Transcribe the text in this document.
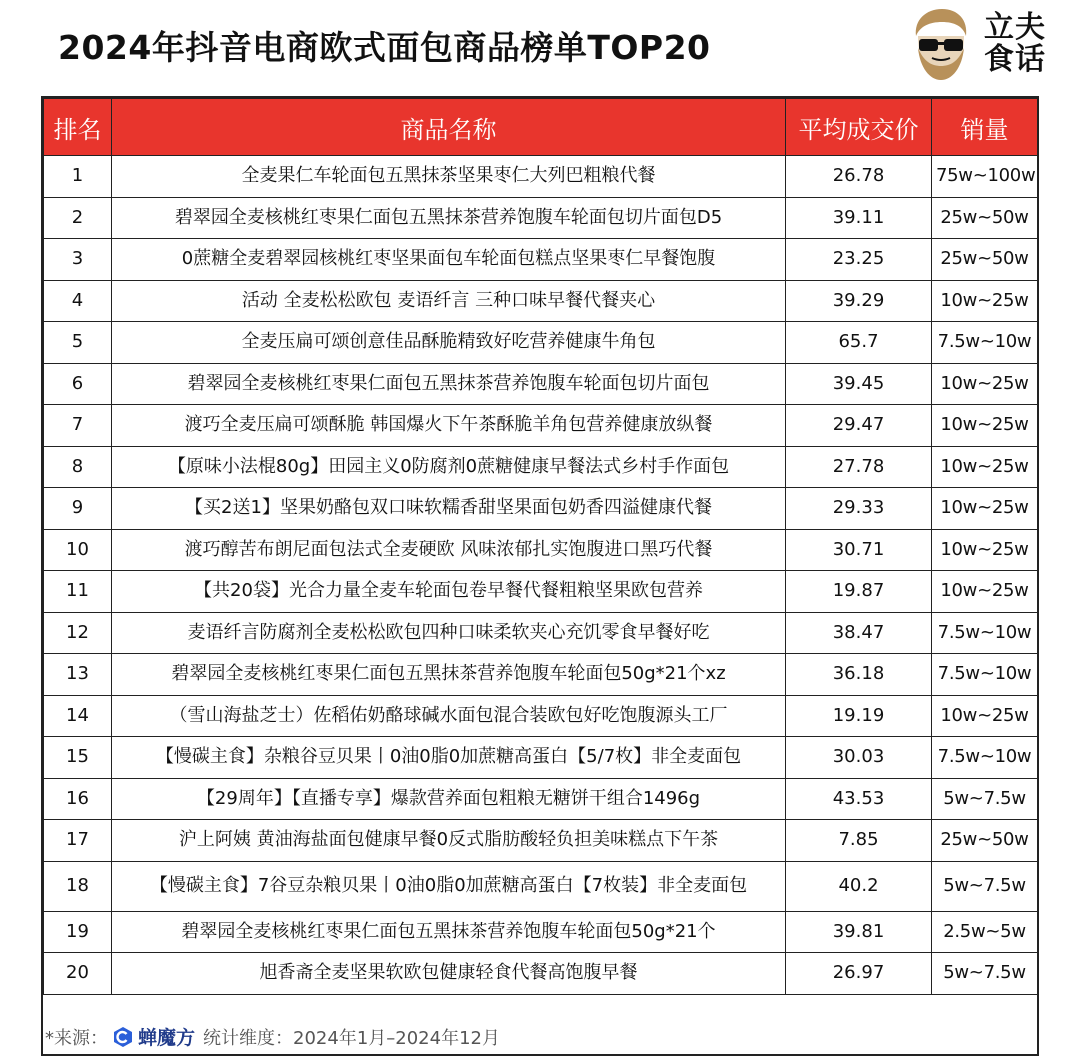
2024年抖音电商欧式面包商品榜单TOP20
立夫
食话
排名	商品名称	平均成交价	销量
1	全麦果仁车轮面包五黑抹茶坚果枣仁大列巴粗粮代餐	26.78	75w~100w
2	碧翠园全麦核桃红枣果仁面包五黑抹茶营养饱腹车轮面包切片面包D5	39.11	25w~50w
3	0蔗糖全麦碧翠园核桃红枣坚果面包车轮面包糕点坚果枣仁早餐饱腹	23.25	25w~50w
4	活动 全麦松松欧包 麦语纤言 三种口味早餐代餐夹心	39.29	10w~25w
5	全麦压扁可颂创意佳品酥脆精致好吃营养健康牛角包	65.7	7.5w~10w
6	碧翠园全麦核桃红枣果仁面包五黑抹茶营养饱腹车轮面包切片面包	39.45	10w~25w
7	渡巧全麦压扁可颂酥脆 韩国爆火下午茶酥脆羊角包营养健康放纵餐	29.47	10w~25w
8	【原味小法棍80g】田园主义0防腐剂0蔗糖健康早餐法式乡村手作面包	27.78	10w~25w
9	【买2送1】坚果奶酪包双口味软糯香甜坚果面包奶香四溢健康代餐	29.33	10w~25w
10	渡巧醇苦布朗尼面包法式全麦硬欧 风味浓郁扎实饱腹进口黑巧代餐	30.71	10w~25w
11	【共20袋】光合力量全麦车轮面包卷早餐代餐粗粮坚果欧包营养	19.87	10w~25w
12	麦语纤言防腐剂全麦松松欧包四种口味柔软夹心充饥零食早餐好吃	38.47	7.5w~10w
13	碧翠园全麦核桃红枣果仁面包五黑抹茶营养饱腹车轮面包50g*21个xz	36.18	7.5w~10w
14	（雪山海盐芝士）佐稻佑奶酪球碱水面包混合装欧包好吃饱腹源头工厂	19.19	10w~25w
15	【慢碳主食】杂粮谷豆贝果丨0油0脂0加蔗糖高蛋白【5/7枚】非全麦面包	30.03	7.5w~10w
16	【29周年】【直播专享】爆款营养面包粗粮无糖饼干组合1496g	43.53	5w~7.5w
17	沪上阿姨 黄油海盐面包健康早餐0反式脂肪酸轻负担美味糕点下午茶	7.85	25w~50w
18	【慢碳主食】7谷豆杂粮贝果丨0油0脂0加蔗糖高蛋白【7枚装】非全麦面包	40.2	5w~7.5w
19	碧翠园全麦核桃红枣果仁面包五黑抹茶营养饱腹车轮面包50g*21个	39.81	2.5w~5w
20	旭香斋全麦坚果软欧包健康轻食代餐高饱腹早餐	26.97	5w~7.5w
*来源： 蝉魔方 统计维度：2024年1月–2024年12月
